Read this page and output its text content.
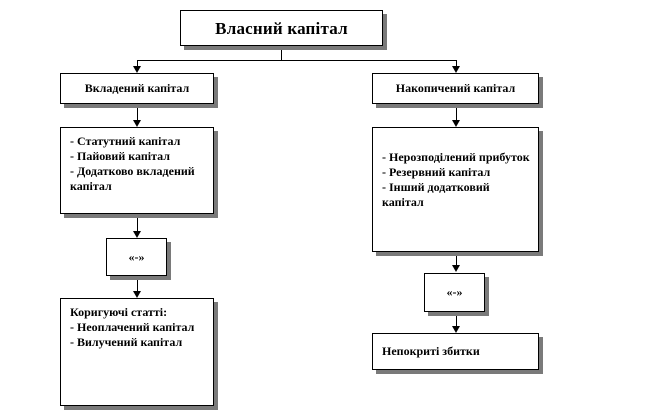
Власний капітал
Вкладений капітал
- Статутний капітал
- Пайовий капітал
- Додатково вкладений капітал
«-»
Коригуючі статті:
- Неоплачений капітал
- Вилучений капітал
Накопичений капітал
- Нерозподілений прибуток
- Резервний капітал
- Інший додатковий капітал
«-»
Непокриті збитки
